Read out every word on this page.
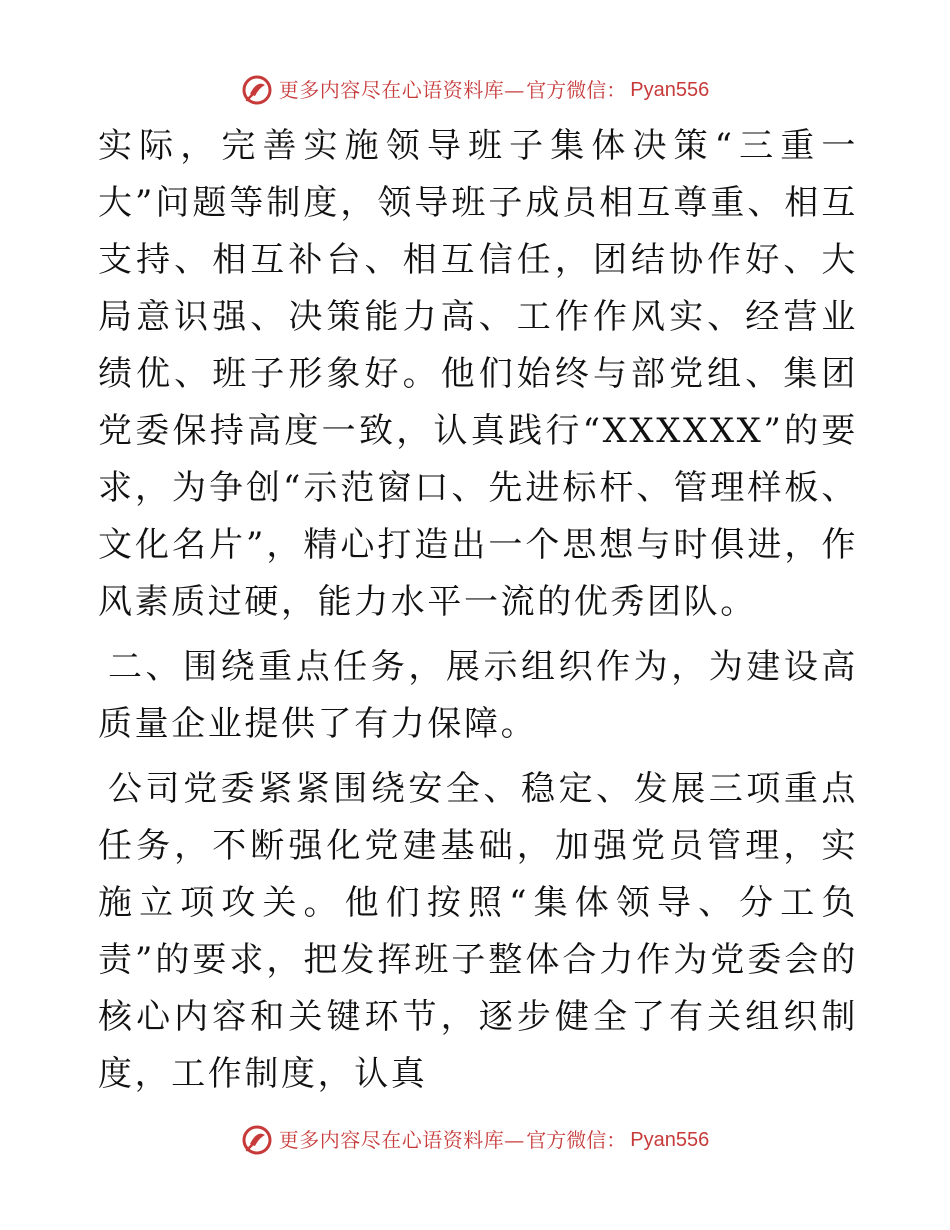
更多内容尽在心语资料库 — 官方微信： Pyan556

实际，完善实施领导班子集体决策“三重一大”问题等制度，领导班子成员相互尊重、相互支持、相互补台、相互信任，团结协作好、大局意识强、决策能力高、工作作风实、经营业绩优、班子形象好。他们始终与部党组、集团党委保持高度一致，认真践行“XXXXXX”的要求，为争创“示范窗口、先进标杆、管理样板、文化名片”，精心打造出一个思想与时俱进，作风素质过硬，能力水平一流的优秀团队。

二、围绕重点任务，展示组织作为，为建设高质量企业提供了有力保障。

公司党委紧紧围绕安全、稳定、发展三项重点任务，不断强化党建基础，加强党员管理，实施立项攻关。他们按照“集体领导、分工负责”的要求，把发挥班子整体合力作为党委会的核心内容和关键环节，逐步健全了有关组织制度，工作制度，认真

更多内容尽在心语资料库 — 官方微信： Pyan556
